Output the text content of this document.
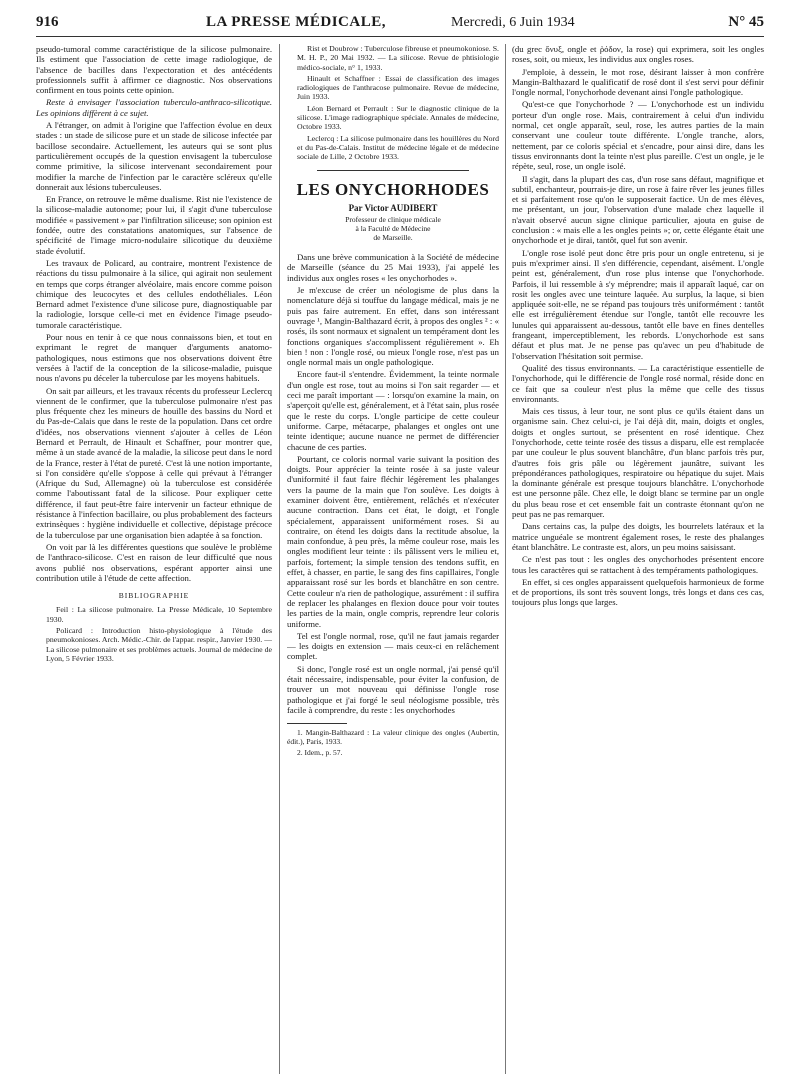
916	LA PRESSE MÉDICALE,	Mercredi, 6 Juin 1934	N° 45

pseudo-tumoral comme caractéristique de la silicose pulmonaire. Ils estiment que l'association de cette image radiologique, de l'absence de bacilles dans l'expectoration et des antécédents professionnels suffit à affirmer ce diagnostic. Nos observations confirment en tous points cette opinion.

Reste à envisager l'association tuberculo-anthraco-silicotique. Les opinions diffèrent à ce sujet.

A l'étranger, on admit à l'origine que l'affection évolue en deux stades : un stade de silicose pure et un stade de silicose infectée par bacillose secondaire. Actuellement, les auteurs qui se sont plus particulièrement occupés de la question envisagent la tuberculose comme primitive, la silicose intervenant secondairement pour modifier la marche de l'infection par le caractère scléreux qu'elle donnerait aux lésions tuberculeuses.

En France, on retrouve le même dualisme. Rist nie l'existence de la silicose-maladie autonome; pour lui, il s'agit d'une tuberculose modifiée « passivement » par l'infiltration siliceuse; son opinion est fondée, outre des constatations anatomiques, sur l'absence de spécificité de l'image micro-nodulaire silicotique du deuxième stade évolutif.

Les travaux de Policard, au contraire, montrent l'existence de réactions du tissu pulmonaire à la silice, qui agirait non seulement en temps que corps étranger alvéolaire, mais encore comme poison chimique des leucocytes et des cellules endothéliales. Léon Bernard admet l'existence d'une silicose pure, diagnostiquable par la radiologie, lorsque celle-ci met en évidence l'image pseudo-tumorale caractéristique.

Pour nous en tenir à ce que nous connaissons bien, et tout en exprimant le regret de manquer d'arguments anatomo-pathologiques, nous estimons que nos observations doivent être versées à l'actif de la conception de la silicose-maladie, puisque nous n'avons pu déceler la tuberculose par les moyens habituels.

On sait par ailleurs, et les travaux récents du professeur Leclercq viennent de le confirmer, que la tuberculose pulmonaire n'est pas plus fréquente chez les mineurs de houille des bassins du Nord et du Pas-de-Calais que dans le reste de la population. Dans cet ordre d'idées, nos observations viennent s'ajouter à celles de Léon Bernard et Perrault, de Hinault et Schaffner, pour montrer que, même à un stade avancé de la maladie, la silicose peut dans le nord de la France, rester à l'état de pureté. C'est là une notion importante, si l'on considère qu'elle s'oppose à celle qui prévaut à l'étranger (Afrique du Sud, Allemagne) où la tuberculose est considérée comme l'aboutissant fatal de la silicose. Pour expliquer cette différence, il faut peut-être faire intervenir un facteur ethnique de résistance à l'infection bacillaire, ou plus probablement des facteurs extrinsèques : hygiène individuelle et collective, dépistage précoce de la tuberculose par une organisation bien adaptée à sa fonction.

On voit par là les différentes questions que soulève le problème de l'anthraco-silicose. C'est en raison de leur difficulté que nous avons publié nos observations, espérant apporter ainsi une contribution utile à l'étude de cette affection.

BIBLIOGRAPHIE

Feil : La silicose pulmonaire. La Presse Médicale, 10 Septembre 1930.

Policard : Introduction histo-physiologique à l'étude des pneumokonioses. Arch. Médic.-Chir. de l'appar. respir., Janvier 1930. — La silicose pulmonaire et ses problèmes actuels. Journal de médecine de Lyon, 5 Février 1933.

Rist et Doubrow : Tuberculose fibreuse et pneumokoniose. S. M. H. P., 20 Mai 1932. — La silicose. Revue de phtisiologie médico-sociale, n° 1, 1933.

Hinault et Schaffner : Essai de classification des images radiologiques de l'anthracose pulmonaire. Revue de médecine, Juin 1933.

Léon Bernard et Perrault : Sur le diagnostic clinique de la silicose. L'image radiographique spéciale. Annales de médecine, Octobre 1933.

Leclercq : La silicose pulmonaire dans les houillères du Nord et du Pas-de-Calais. Institut de médecine légale et de médecine sociale de Lille, 2 Octobre 1933.

LES ONYCHORHODES
Par Victor AUDIBERT
Professeur de clinique médicale
à la Faculté de Médecine
de Marseille.

Dans une brève communication à la Société de médecine de Marseille (séance du 25 Mai 1933), j'ai appelé les individus aux ongles roses « les onychorhodes ».

Je m'excuse de créer un néologisme de plus dans la nomenclature déjà si touffue du langage médical, mais je ne puis pas faire autrement. En effet, dans son intéressant ouvrage ¹, Mangin-Balthazard écrit, à propos des ongles ² : « rosés, ils sont normaux et signalent un tempérament dont les fonctions organiques s'accomplissent régulièrement ». Eh bien ! non : l'ongle rosé, ou mieux l'ongle rose, n'est pas un ongle normal mais un ongle pathologique.

Encore faut-il s'entendre. Évidemment, la teinte normale d'un ongle est rose, tout au moins si l'on sait regarder — et ceci me paraît important — : lorsqu'on examine la main, on s'aperçoit qu'elle est, généralement, et à l'état sain, plus rosée que le reste du corps. L'ongle participe de cette couleur uniforme. Carpe, métacarpe, phalanges et ongles ont une teinte identique; aucune nuance ne permet de différencier chacune de ces parties.

Pourtant, ce coloris normal varie suivant la position des doigts. Pour apprécier la teinte rosée à sa juste valeur d'uniformité il faut faire fléchir légèrement les phalanges vers la paume de la main que l'on soulève. Les doigts à examiner doivent être, entièrement, relâchés et n'exécuter aucune contraction. Dans cet état, le doigt, et l'ongle spécialement, apparaissent uniformément roses. Si au contraire, on étend les doigts dans la rectitude absolue, la main confondue, à peu près, la même couleur rose, mais les ongles modifient leur teinte : ils pâlissent vers le milieu et, parfois, fortement; la simple tension des tendons suffit, en effet, à chasser, en partie, le sang des fins capillaires, l'ongle apparaissant rosé sur les bords et blanchâtre en son centre. Cette couleur n'a rien de pathologique, assurément : il suffira de replacer les phalanges en flexion douce pour voir toutes les parties de la main, ongle compris, reprendre leur coloris uniforme.

Tel est l'ongle normal, rose, qu'il ne faut jamais regarder — les doigts en extension — mais ceux-ci en relâchement complet.

Si donc, l'ongle rosé est un ongle normal, j'ai pensé qu'il était nécessaire, indispensable, pour éviter la confusion, de trouver un mot nouveau qui définisse l'ongle rose pathologique et j'ai forgé le seul néologisme possible, très facile à comprendre, du reste : les onychorhodes

1. Mangin-Balthazard : La valeur clinique des ongles (Aubertin, édit.), Paris, 1933.

2. Idem., p. 57.

(du grec ὄνυξ, ongle et ῥόδον, la rose) qui exprimera, soit les ongles roses, soit, ou mieux, les individus aux ongles roses.

J'emploie, à dessein, le mot rose, désirant laisser à mon confrère Mangin-Balthazard le qualificatif de rosé dont il s'est servi pour définir l'ongle normal, l'onychorhode devenant ainsi l'ongle pathologique.

Qu'est-ce que l'onychorhode ? — L'onychorhode est un individu porteur d'un ongle rose. Mais, contrairement à celui d'un individu normal, cet ongle apparaît, seul, rose, les autres parties de la main conservant une couleur toute différente. L'ongle tranche, alors, nettement, par ce coloris spécial et s'encadre, pour ainsi dire, dans les tissus environnants dont la teinte n'est plus pareille. C'est un ongle, je le répète, seul, rose, un ongle isolé.

Il s'agit, dans la plupart des cas, d'un rose sans défaut, magnifique et subtil, enchanteur, pourrais-je dire, un rose à faire rêver les jeunes filles et si parfaitement rose qu'on le supposerait factice. Un de mes élèves, me présentant, un jour, l'observation d'une malade chez laquelle il n'avait observé aucun signe clinique particulier, ajouta en guise de conclusion : « mais elle a les ongles peints »; or, cette élégante était une onychorhode et je dirai, tantôt, quel fut son avenir.

L'ongle rose isolé peut donc être pris pour un ongle entretenu, si je puis m'exprimer ainsi. Il s'en différencie, cependant, aisément. L'ongle peint est, généralement, d'un rose plus intense que l'onychorhode. Parfois, il lui ressemble à s'y méprendre; mais il apparaît laqué, car on rosit les ongles avec une teinture laquée. Au surplus, la laque, si bien appliquée soit-elle, ne se répand pas toujours très uniformément : tantôt elle est irrégulièrement étendue sur l'ongle, tantôt elle recouvre les lunules qui apparaissent au-dessous, tantôt elle bave en fines dentelles frangeant, imperceptiblement, les rebords. L'onychorhode est sans défaut et plus mat. Je ne pense pas qu'avec un peu d'habitude de l'observation l'hésitation soit permise.

Qualité des tissus environnants. — La caractéristique essentielle de l'onychorhode, qui le différencie de l'ongle rosé normal, réside donc en ce fait que sa couleur n'est plus la même que celle des tissus environnants.

Mais ces tissus, à leur tour, ne sont plus ce qu'ils étaient dans un organisme sain. Chez celui-ci, je l'ai déjà dit, main, doigts et ongles, doigts et ongles surtout, se présentent en rosé identique. Chez l'onychorhode, cette teinte rosée des tissus a disparu, elle est remplacée par une couleur le plus souvent blanchâtre, d'un blanc parfois très pur, d'autres fois gris pâle ou légèrement jaunâtre, suivant les prépondérances pathologiques, respiratoire ou hépatique du sujet. Mais la dominante générale est presque toujours blanchâtre. L'onychorhode est une personne pâle. Chez elle, le doigt blanc se termine par un ongle du plus beau rose et cet ensemble fait un contraste étonnant qu'on ne peut pas ne pas remarquer.

Dans certains cas, la pulpe des doigts, les bourrelets latéraux et la matrice unguéale se montrent également roses, le reste des phalanges étant blanchâtre. Le contraste est, alors, un peu moins saisissant.

Ce n'est pas tout : les ongles des onychorhodes présentent encore tous les caractères qui se rattachent à des tempéraments pathologiques.

En effet, si ces ongles apparaissent quelquefois harmonieux de forme et de proportions, ils sont très souvent longs, très longs et dans ces cas, toujours plus longs que larges.
